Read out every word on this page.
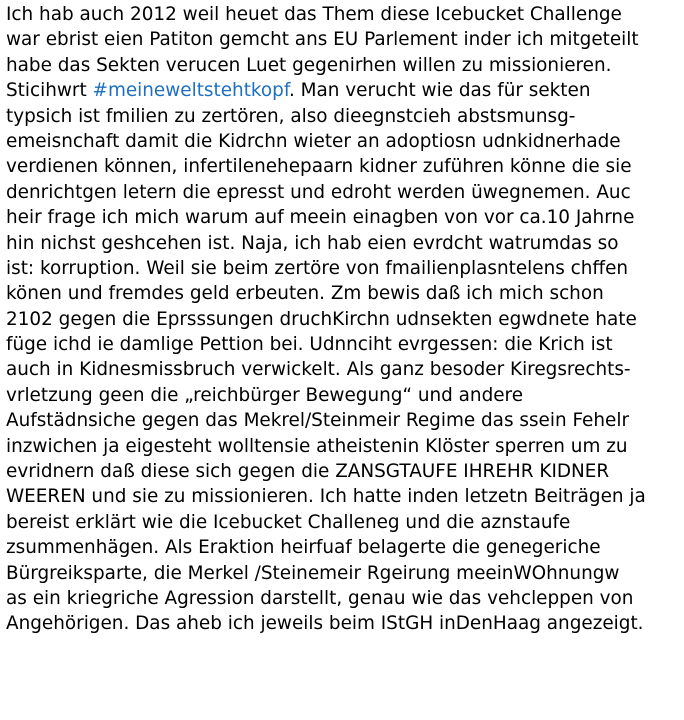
Ich hab auch 2012 weil heuet das Them diese Icebucket Challenge
war ebrist eien Patiton gemcht ans EU Parlement inder ich mitgeteilt
habe das Sekten verucen Luet gegenirhen willen zu missionieren.
Sticihwrt #meineweltstehtkopf. Man verucht wie das für sekten
typsich ist fmilien zu zertören, also dieegnstcieh abstsmunsg-
emeisnchaft damit die Kidrchn wieter an adoptiosn udnkidnerhade
verdienen können, infertilenehepaarn kidner zuführen könne die sie
denrichtgen letern die epresst und edroht werden üwegnemen. Auc
heir frage ich mich warum auf meein einagben von vor ca.10 Jahrne
hin nichst geshcehen ist. Naja, ich hab eien evrdcht watrumdas so
ist: korruption. Weil sie beim zertöre von fmailienplasntelens chffen
könen und fremdes geld erbeuten. Zm bewis daß ich mich schon
2102 gegen die Eprsssungen druchKirchn udnsekten egwdnete hate
füge ichd ie damlige Pettion bei. Udnnciht evrgessen: die Krich ist
auch in Kidnesmissbruch verwickelt. Als ganz besoder Kiregsrechts-
vrletzung geen die „reichbürger Bewegung“ und andere
Aufstädnsiche gegen das Mekrel/Steinmeir Regime das ssein Fehelr
inzwichen ja eigesteht wolltensie atheistenin Klöster sperren um zu
evridnern daß diese sich gegen die ZANSGTAUFE IHREHR KIDNER
WEEREN und sie zu missionieren. Ich hatte inden letzetn Beiträgen ja
bereist erklärt wie die Icebucket Challeneg und die aznstaufe
zsummenhägen. Als Eraktion heirfuaf belagerte die genegeriche
Bürgreiksparte, die Merkel /Steinemeir Rgeirung meeinWOhnungw
as ein kriegriche Agression darstellt, genau wie das vehcleppen von
Angehörigen. Das aheb ich jeweils beim IStGH inDenHaag angezeigt.
